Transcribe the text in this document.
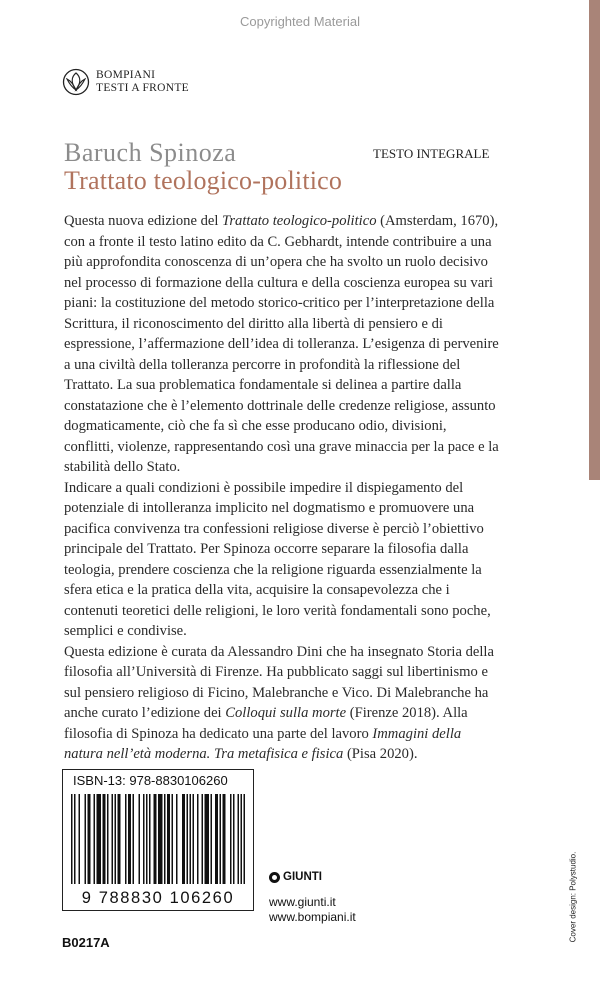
Copyrighted Material
BOMPIANI
TESTI A FRONTE
Baruch Spinoza
Trattato teologico-politico
TESTO INTEGRALE

Questa nuova edizione del Trattato teologico-politico (Amsterdam, 1670), con a fronte il testo latino edito da C. Gebhardt, intende contribuire a una più approfondita conoscenza di un’opera che ha svolto un ruolo decisivo nel processo di formazione della cultura e della coscienza europea su vari piani: la costituzione del metodo storico-critico per l’interpretazione della Scrittura, il riconoscimento del diritto alla libertà di pensiero e di espressione, l’affermazione dell’idea di tolleranza. L’esigenza di pervenire a una civiltà della tolleranza percorre in profondità la riflessione del Trattato. La sua problematica fondamentale si delinea a partire dalla constatazione che è l’elemento dottrinale delle credenze religiose, assunto dogmaticamente, ciò che fa sì che esse producano odio, divisioni, conflitti, violenze, rappresentando così una grave minaccia per la pace e la stabilità dello Stato.

Indicare a quali condizioni è possibile impedire il dispiegamento del potenziale di intolleranza implicito nel dogmatismo e promuovere una pacifica convivenza tra confessioni religiose diverse è perciò l’obiettivo principale del Trattato. Per Spinoza occorre separare la filosofia dalla teologia, prendere coscienza che la religione riguarda essenzialmente la sfera etica e la pratica della vita, acquisire la consapevolezza che i contenuti teoretici delle religioni, le loro verità fondamentali sono poche, semplici e condivise.

Questa edizione è curata da Alessandro Dini che ha insegnato Storia della filosofia all’Università di Firenze. Ha pubblicato saggi sul libertinismo e sul pensiero religioso di Ficino, Malebranche e Vico. Di Malebranche ha anche curato l’edizione dei Colloqui sulla morte (Firenze 2018). Alla filosofia di Spinoza ha dedicato una parte del lavoro Immagini della natura nell’età moderna. Tra metafisica e fisica (Pisa 2020).

ISBN-13: 978-8830106260
9 788830 106260
B0217A
GIUNTI
www.giunti.it
www.bompiani.it	Cover design: Polystudio.
